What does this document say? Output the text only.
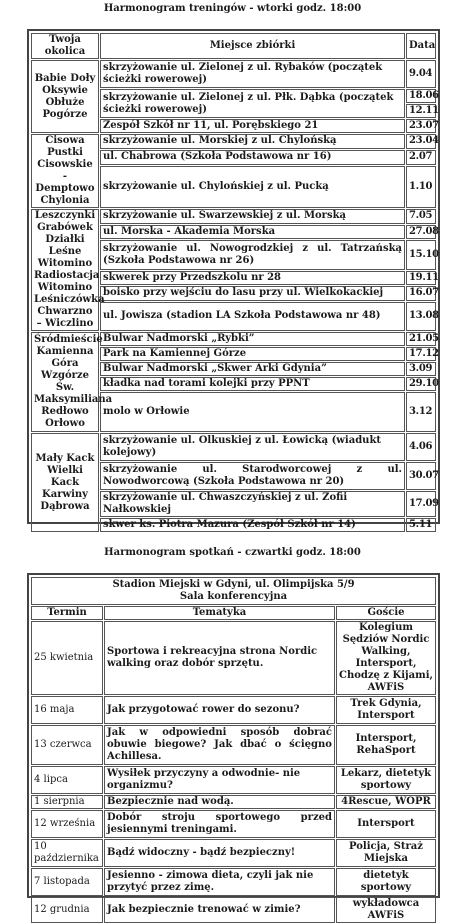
Harmonogram treningów - wtorki godz. 18:00
Twoja okolica	Miejsce zbiórki	Data
Babie Doły Oksywie Obłuże Pogórze	skrzyżowanie ul. Zielonej z ul. Rybaków (początek ścieżki rowerowej)	9.04
	skrzyżowanie ul. Zielonej z ul. Płk. Dąbka (początek ścieżki rowerowej)	18.06
		12.11
	Zespół Szkół nr 11, ul. Porębskiego 21	23.07
Cisowa Pustki Cisowskie -Demptowo Chylonia	skrzyżowanie ul. Morskiej z ul. Chylońską	23.04
	ul. Chabrowa (Szkoła Podstawowa nr 16)	2.07
	skrzyżowanie ul. Chylońskiej z ul. Pucką	1.10
Leszczynki Grabówek Działki Leśne Witomino Radiostacja Witomino Leśniczówka Chwarzno – Wiczlino	skrzyżowanie ul. Swarzewskiej z ul. Morską	7.05
	ul. Morska - Akademia Morska	27.08
	skrzyżowanie ul. Nowogrodzkiej z ul. Tatrzańską (Szkoła Podstawowa nr 26)	15.10
	skwerek przy Przedszkolu nr 28	19.11
	boisko przy wejściu do lasu przy ul. Wielkokackiej	16.07
	ul. Jowisza (stadion LA Szkoła Podstawowa nr 48)	13.08
Śródmieście Kamienna Góra Wzgórze Św. Maksymiliana Redłowo Orłowo	Bulwar Nadmorski „Rybki”	21.05
	Park na Kamiennej Górze	17.12
	Bulwar Nadmorski „Skwer Arki Gdynia”	3.09
	kładka nad torami kolejki przy PPNT	29.10
	molo w Orłowie	3.12
Mały Kack Wielki Kack Karwiny Dąbrowa	skrzyżowanie ul. Olkuskiej z ul. Łowicką (wiadukt kolejowy)	4.06
	skrzyżowanie ul. Starodworcowej z ul. Nowodworcową (Szkoła Podstawowa nr 20)	30.07
	skrzyżowanie ul. Chwaszczyńskiej z ul. Zofii Nałkowskiej	17.09
	skwer ks. Piotra Mazura (Zespół Szkół nr 14)	5.11
Harmonogram spotkań - czwartki godz. 18:00
Stadion Miejski w Gdyni, ul. Olimpijska 5/9
Sala konferencyjna		

Termin	Tematyka	Goście
25 kwietnia	Sportowa i rekreacyjna strona Nordic walking oraz dobór sprzętu.	Kolegium Sędziów Nordic Walking, Intersport, Chodzę z Kijami, AWFiS
16 maja	Jak przygotować rower do sezonu?	Trek Gdynia, Intersport
13 czerwca	Jak w odpowiedni sposób dobrać obuwie biegowe? Jak dbać o ścięgno Achillesa.	Intersport, RehaSport
4 lipca	Wysiłek przyczyny a odwodnie- nie organizmu?	Lekarz, dietetyk sportowy
1 sierpnia	Bezpiecznie nad wodą.	4Rescue, WOPR
12 września	Dobór stroju sportowego przed jesiennymi treningami.	Intersport
10 października	Bądź widoczny - bądź bezpieczny!	Policja, Straż Miejska
7 listopada	Jesienno - zimowa dieta, czyli jak nie przytyć przez zimę.	dietetyk sportowy
12 grudnia	Jak bezpiecznie trenować w zimie?	wykładowca AWFiS
